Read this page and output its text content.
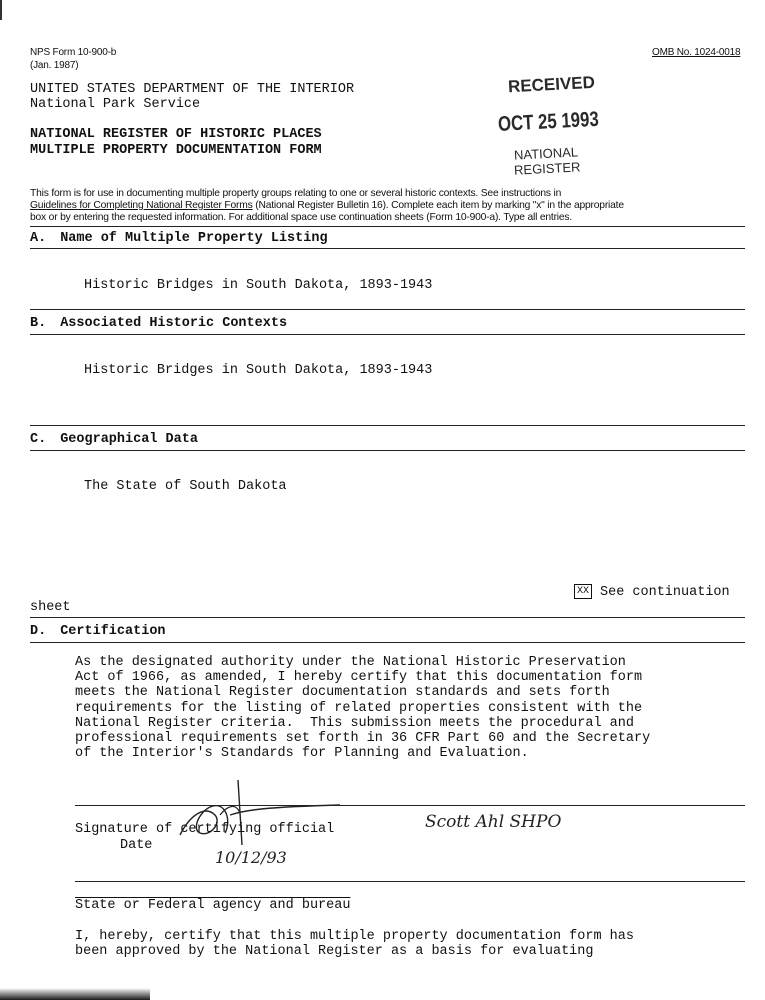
NPS Form 10-900-b
(Jan. 1987)
OMB No. 1024-0018
UNITED STATES DEPARTMENT OF THE INTERIOR
National Park Service
NATIONAL REGISTER OF HISTORIC PLACES
MULTIPLE PROPERTY DOCUMENTATION FORM
RECEIVED
OCT 25 1993
NATIONAL
REGISTER
This form is for use in documenting multiple property groups relating to one or several historic contexts. See instructions in
Guidelines for Completing National Register Forms (National Register Bulletin 16). Complete each item by marking "x" in the appropriate
box or by entering the requested information. For additional space use continuation sheets (Form 10-900-a). Type all entries.
A. Name of Multiple Property Listing
Historic Bridges in South Dakota, 1893-1943
B. Associated Historic Contexts
Historic Bridges in South Dakota, 1893-1943
C. Geographical Data
The State of South Dakota
XX See continuation
sheet
D. Certification
As the designated authority under the National Historic Preservation
Act of 1966, as amended, I hereby certify that this documentation form
meets the National Register documentation standards and sets forth
requirements for the listing of related properties consistent with the
National Register criteria.  This submission meets the procedural and
professional requirements set forth in 36 CFR Part 60 and the Secretary
of the Interior's Standards for Planning and Evaluation.
Signature of certifying official	Scott Ahl SHPO
Date
10/12/93
State or Federal agency and bureau
I, hereby, certify that this multiple property documentation form has
been approved by the National Register as a basis for evaluating
